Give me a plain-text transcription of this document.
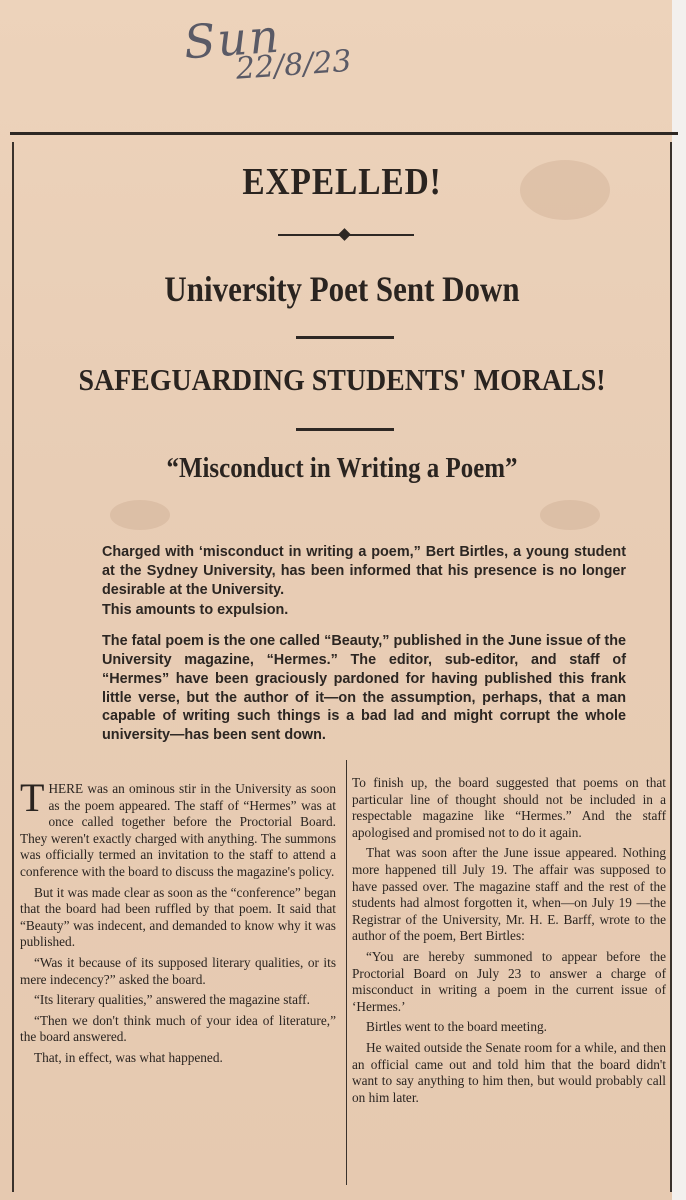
Sun
22/8/23
EXPELLED!
University Poet Sent Down
SAFEGUARDING STUDENTS' MORALS!
“Misconduct in Writing a Poem”

Charged with ‘misconduct in writing a poem,” Bert Birtles, a young student at the Sydney University, has been informed that his presence is no longer desirable at the University.

This amounts to expulsion.

The fatal poem is the one called “Beauty,” published in the June issue of the University magazine, “Hermes.” The editor, sub-editor, and staff of “Hermes” have been graciously pardoned for having published this frank little verse, but the author of it—on the assumption, perhaps, that a man capable of writing such things is a bad lad and might corrupt the whole university—has been sent down.

THERE was an ominous stir in the University as soon as the poem appeared. The staff of “Hermes” was at once called together before the Proctorial Board. They weren't exactly charged with anything. The summons was officially termed an invitation to the staff to attend a conference with the board to discuss the magazine's policy.

But it was made clear as soon as the “conference” began that the board had been ruffled by that poem. It said that “Beauty” was indecent, and demanded to know why it was published.

“Was it because of its supposed literary qualities, or its mere indecency?” asked the board.

“Its literary qualities,” answered the magazine staff.

“Then we don't think much of your idea of literature,” the board answered.

That, in effect, was what happened.

To finish up, the board suggested that poems on that particular line of thought should not be included in a respectable magazine like “Hermes.” And the staff apologised and promised not to do it again.

That was soon after the June issue appeared. Nothing more happened till July 19. The affair was supposed to have passed over. The magazine staff and the rest of the students had almost forgotten it, when—on July 19 —the Registrar of the University, Mr. H. E. Barff, wrote to the author of the poem, Bert Birtles:

“You are hereby summoned to appear before the Proctorial Board on July 23 to answer a charge of misconduct in writing a poem in the current issue of ‘Hermes.’

Birtles went to the board meeting.

He waited outside the Senate room for a while, and then an official came out and told him that the board didn't want to say anything to him then, but would probably call on him later.
